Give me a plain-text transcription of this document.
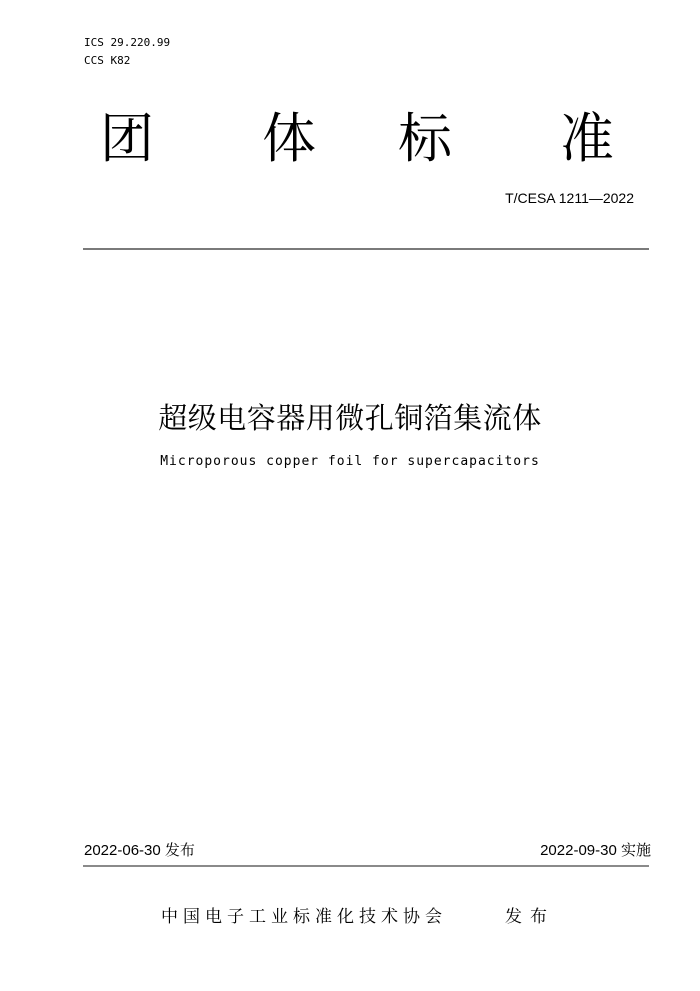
ICS 29.220.99
CCS K82
团 体 标 准
T/CESA 1211—2022
超级电容器用微孔铜箔集流体
Microporous copper foil for supercapacitors
2022-06-30 发布	2022-09-30 实施
中国电子工业标准化技术协会	发布
